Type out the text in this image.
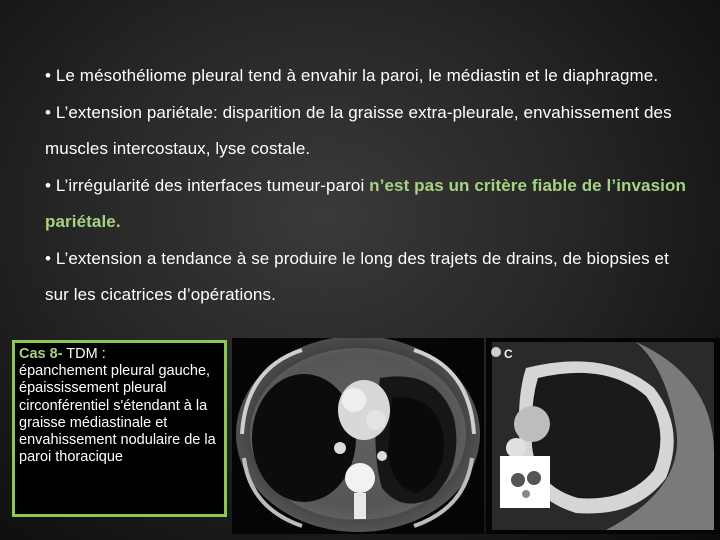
• Le mésothéliome pleural tend à envahir la paroi, le médiastin et le diaphragme.
• L’extension pariétale: disparition de la graisse extra-pleurale, envahissement des muscles intercostaux, lyse costale.
• L’irrégularité des interfaces tumeur-paroi n’est pas un critère fiable de l’invasion pariétale.
• L’extension a tendance à se produire le long des trajets de drains, de biopsies et sur les cicatrices d’opérations.
C
Cas 8- TDM :
épanchement pleural gauche, épaississement pleural circonférentiel s'étendant à la graisse médiastinale et envahissement nodulaire de la paroi thoracique
